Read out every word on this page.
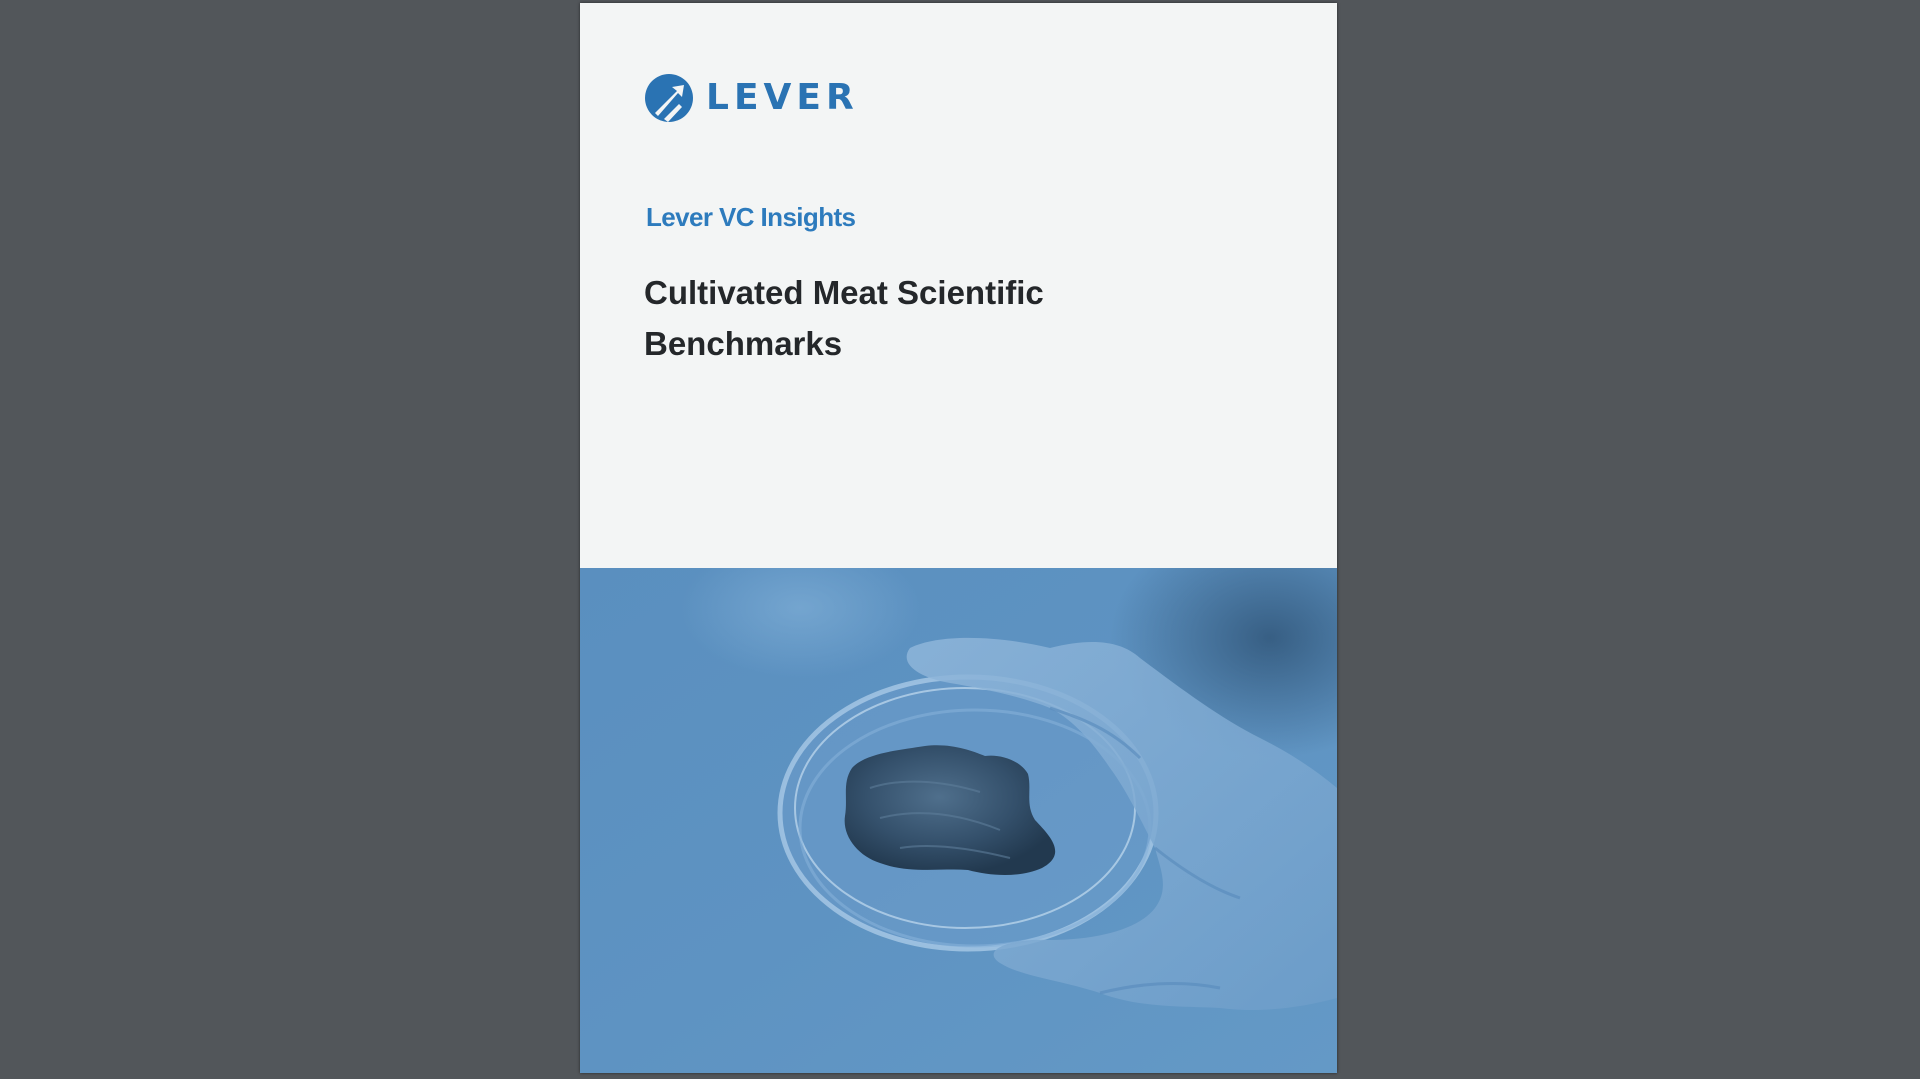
LEVER
Lever VC Insights
Cultivated Meat Scientific Benchmarks
